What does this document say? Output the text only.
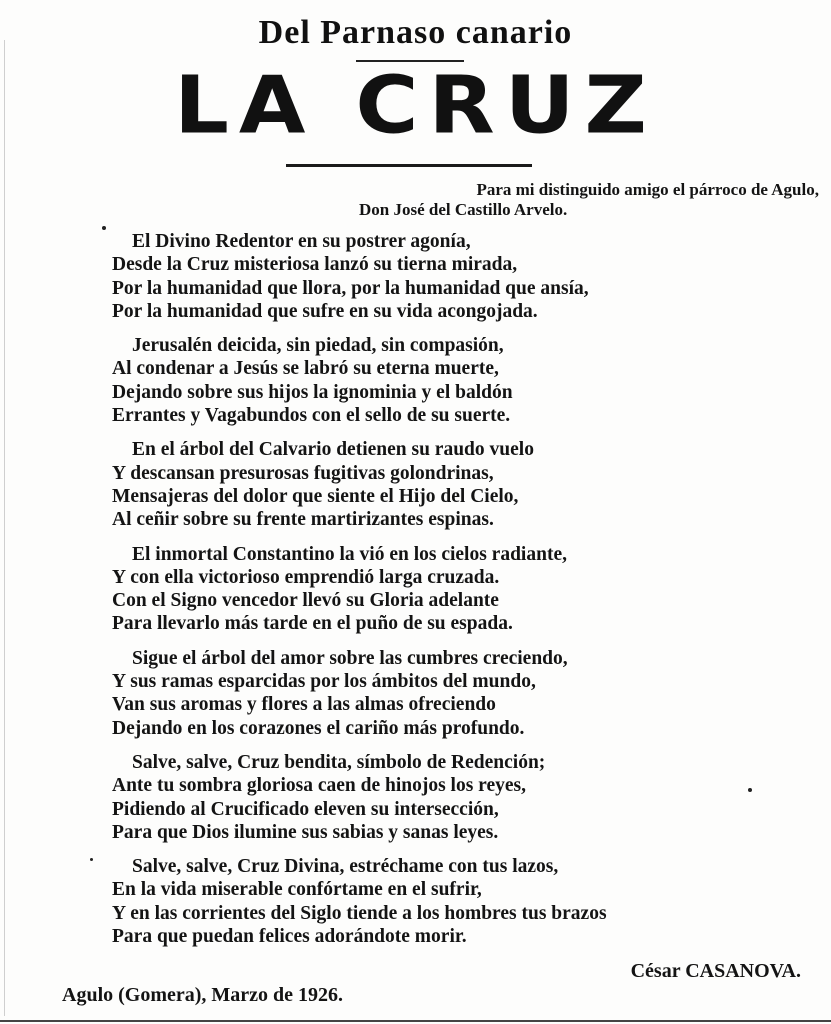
Del Parnaso canario
LA CRUZ
Para mi distinguido amigo el párroco de Agulo,
Don José del Castillo Arvelo.
El Divino Redentor en su postrer agonía,
Desde la Cruz misteriosa lanzó su tierna mirada,
Por la humanidad que llora, por la humanidad que ansía,
Por la humanidad que sufre en su vida acongojada.
Jerusalén deicida, sin piedad, sin compasión,
Al condenar a Jesús se labró su eterna muerte,
Dejando sobre sus hijos la ignominia y el baldón
Errantes y Vagabundos con el sello de su suerte.
En el árbol del Calvario detienen su raudo vuelo
Y descansan presurosas fugitivas golondrinas,
Mensajeras del dolor que siente el Hijo del Cielo,
Al ceñir sobre su frente martirizantes espinas.
El inmortal Constantino la vió en los cielos radiante,
Y con ella victorioso emprendió larga cruzada.
Con el Signo vencedor llevó su Gloria adelante
Para llevarlo más tarde en el puño de su espada.
Sigue el árbol del amor sobre las cumbres creciendo,
Y sus ramas esparcidas por los ámbitos del mundo,
Van sus aromas y flores a las almas ofreciendo
Dejando en los corazones el cariño más profundo.
Salve, salve, Cruz bendita, símbolo de Redención;
Ante tu sombra gloriosa caen de hinojos los reyes,
Pidiendo al Crucificado eleven su intersección,
Para que Dios ilumine sus sabias y sanas leyes.
Salve, salve, Cruz Divina, estréchame con tus lazos,
En la vida miserable confórtame en el sufrir,
Y en las corrientes del Siglo tiende a los hombres tus brazos
Para que puedan felices adorándote morir.
César CASANOVA.
Agulo (Gomera), Marzo de 1926.
